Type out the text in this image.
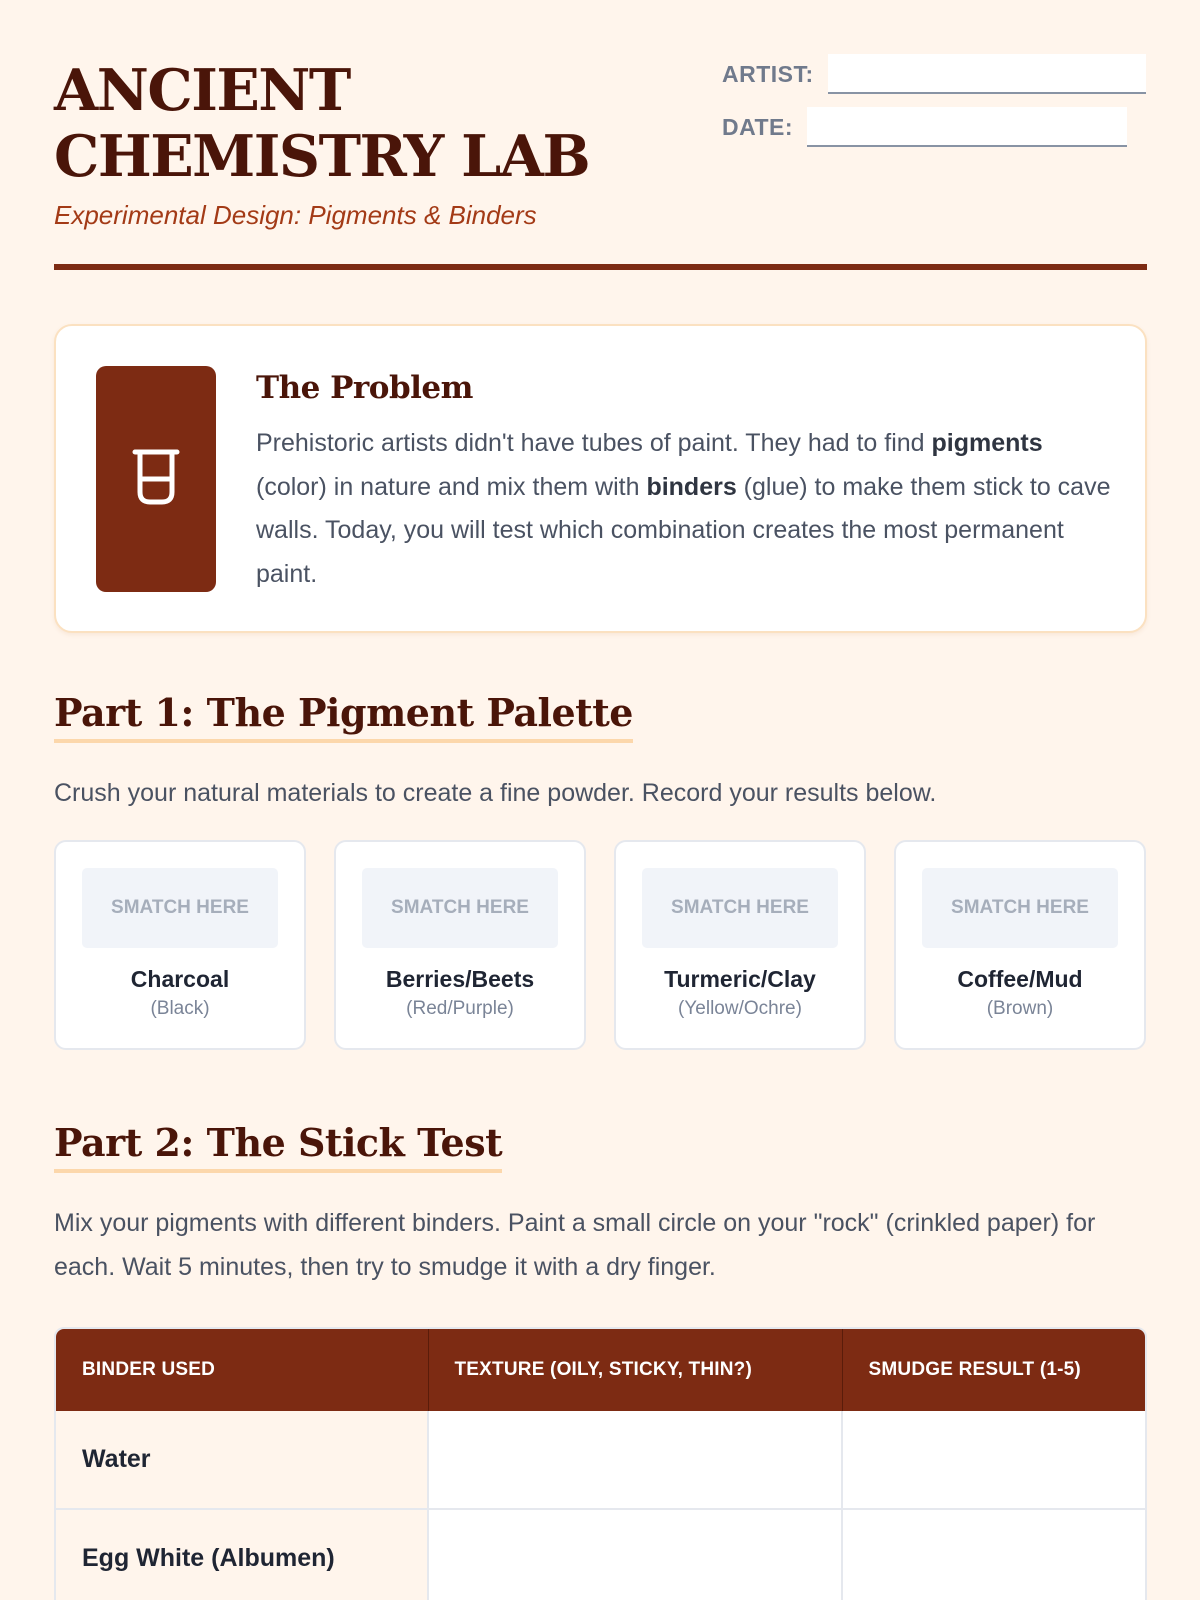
ANCIENT CHEMISTRY LAB
Experimental Design: Pigments & Binders
ARTIST:
DATE:
The Problem

Prehistoric artists didn't have tubes of paint. They had to find pigments (color) in nature and mix them with binders (glue) to make them stick to cave walls. Today, you will test which combination creates the most permanent paint.

Part 1: The Pigment Palette

Crush your natural materials to create a fine powder. Record your results below.

SMATCH HERE
Charcoal
(Black)
SMATCH HERE
Berries/Beets
(Red/Purple)
SMATCH HERE
Turmeric/Clay
(Yellow/Ochre)
SMATCH HERE
Coffee/Mud
(Brown)
Part 2: The Stick Test

Mix your pigments with different binders. Paint a small circle on your "rock" (crinkled paper) for each. Wait 5 minutes, then try to smudge it with a dry finger.

BINDER USED	TEXTURE (OILY, STICKY, THIN?)	SMUDGE RESULT (1-5)
Water		
Egg White (Albumen)		
